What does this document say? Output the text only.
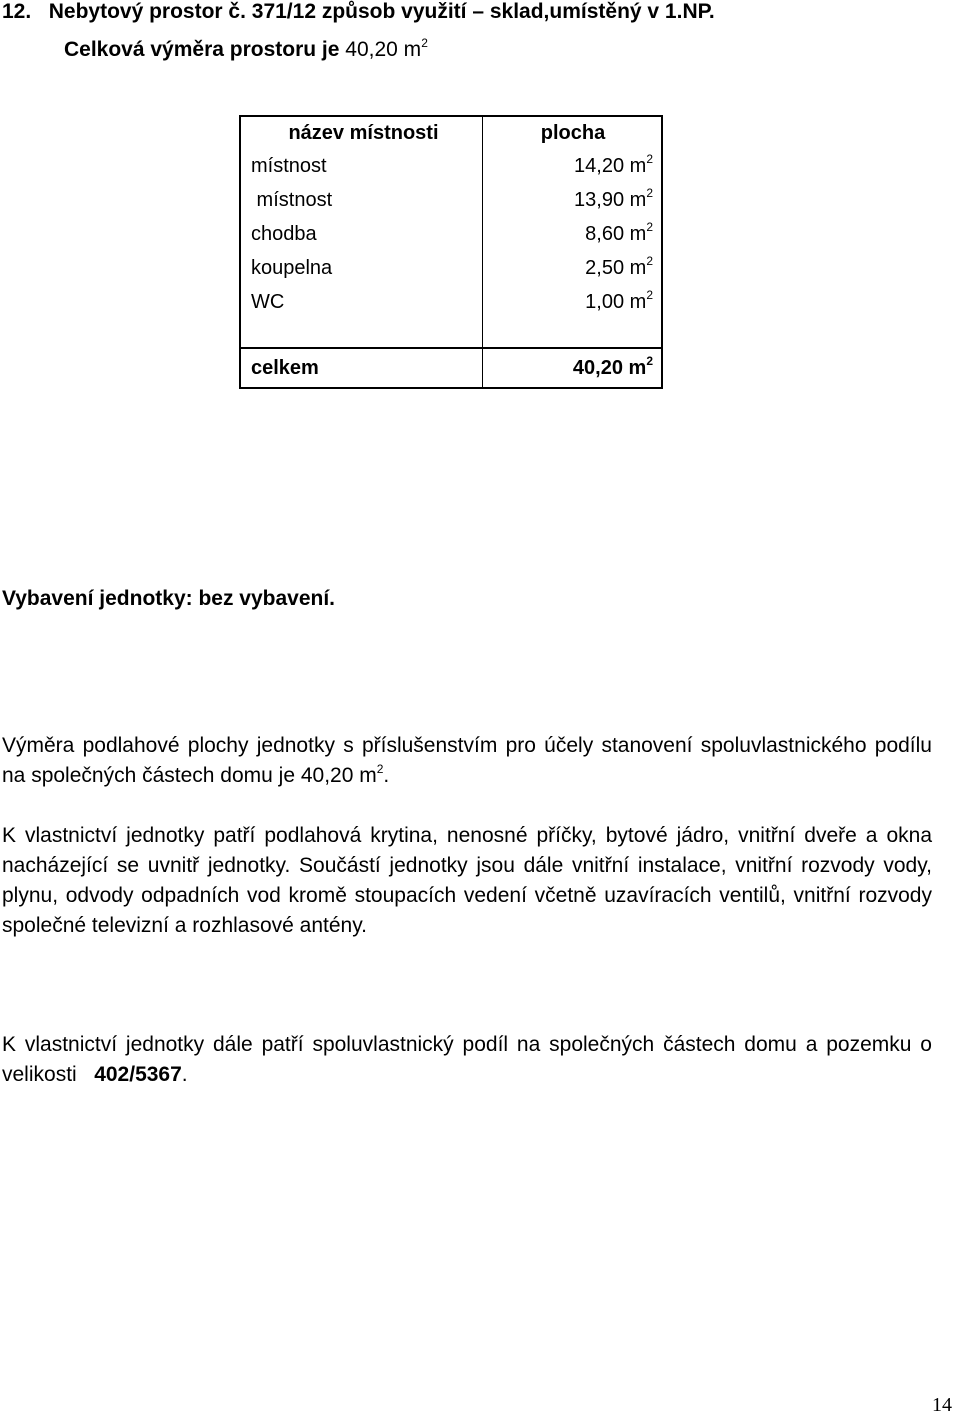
12. Nebytový prostor č. 371/12 způsob využití – sklad,umístěný v 1.NP.
Celková výměra prostoru je 40,20 $m^2$
název místnosti	plocha
místnost	14,20 $m^2$
místnost	13,90 $m^2$
chodba	8,60 $m^2$
koupelna	2,50 $m^2$
WC	1,00 $m^2$

celkem	40,20 $m^2$
Vybavení jednotky: bez vybavení.
Výměra podlahové plochy jednotky s příslušenstvím pro účely stanovení spoluvlastnického podílu na společných částech domu je 40,20 $m^2$.
K vlastnictví jednotky patří podlahová krytina, nenosné příčky, bytové jádro, vnitřní dveře a okna nacházející se uvnitř jednotky. Součástí jednotky jsou dále vnitřní instalace, vnitřní rozvody vody, plynu, odvody odpadních vod kromě stoupacích vedení včetně uzavíracích ventilů, vnitřní rozvody společné televizní a rozhlasové antény.
K vlastnictví jednotky dále patří spoluvlastnický podíl na společných částech domu a pozemku o velikosti   402/5367.
14
